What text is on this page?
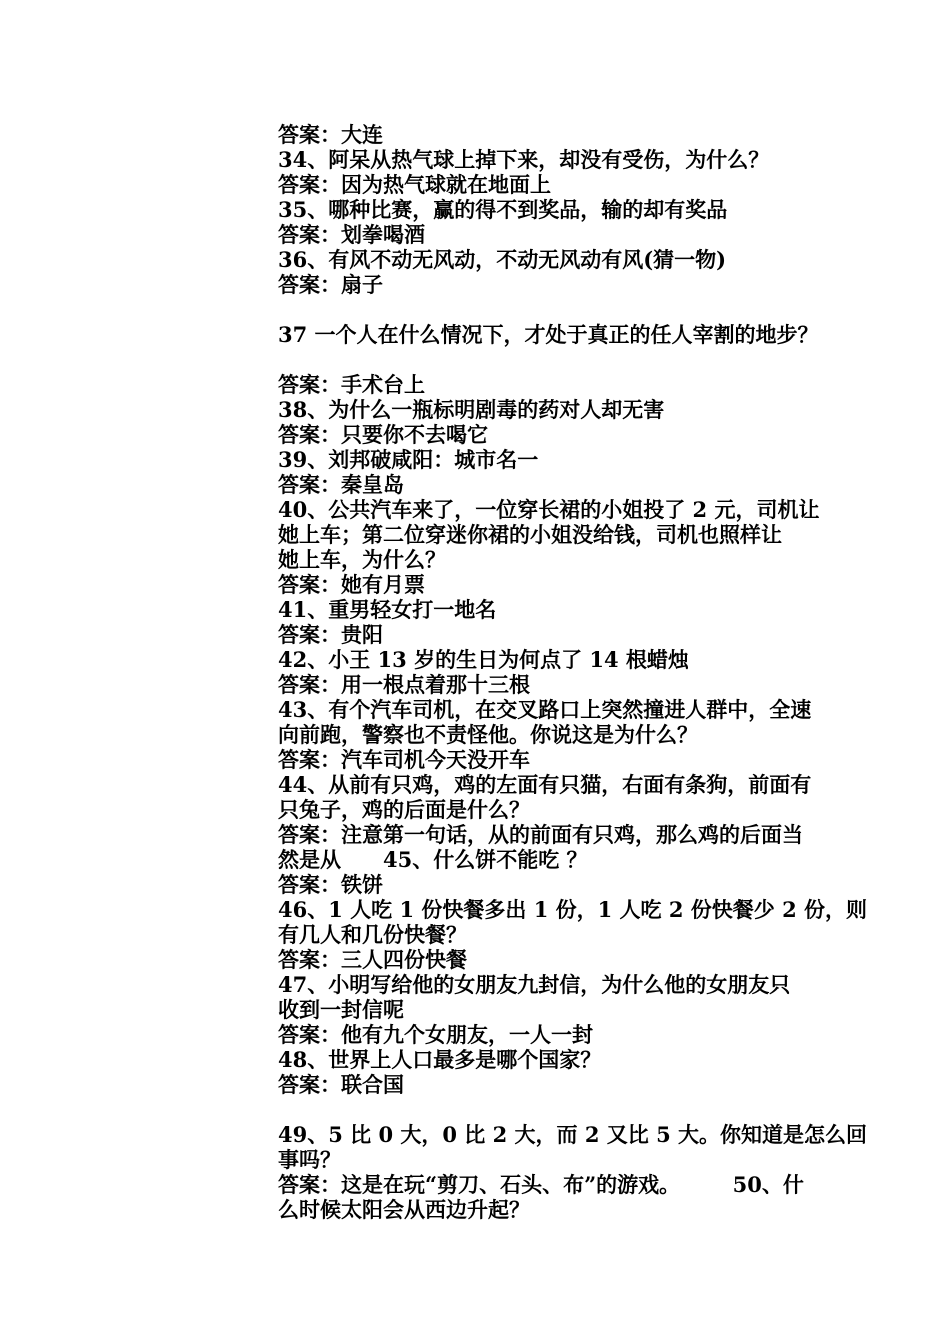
答案：大连
34、阿呆从热气球上掉下来，却没有受伤，为什么？
答案：因为热气球就在地面上
35、哪种比赛，赢的得不到奖品，输的却有奖品
答案：划拳喝酒
36、有风不动无风动，不动无风动有风(猜一物)
答案：扇子
37 一个人在什么情况下，才处于真正的任人宰割的地步？
答案：手术台上
38、为什么一瓶标明剧毒的药对人却无害
答案：只要你不去喝它
39、刘邦破咸阳：城市名一
答案：秦皇岛
40、公共汽车来了，一位穿长裙的小姐投了 2 元，司机让
她上车；第二位穿迷你裙的小姐没给钱，司机也照样让
她上车，为什么？
答案：她有月票
41、重男轻女打一地名
答案：贵阳
42、小王 13 岁的生日为何点了 14 根蜡烛
答案：用一根点着那十三根
43、有个汽车司机，在交叉路口上突然撞进人群中，全速
向前跑，警察也不责怪他。你说这是为什么？
答案：汽车司机今天没开车
44、从前有只鸡，鸡的左面有只猫，右面有条狗，前面有
只兔子，鸡的后面是什么？
答案：注意第一句话，从的前面有只鸡，那么鸡的后面当
然是从　　45、什么饼不能吃 ？
答案：铁饼
46、1 人吃 1 份快餐多出 1 份，1 人吃 2 份快餐少 2 份，则
有几人和几份快餐？
答案：三人四份快餐
47、小明写给他的女朋友九封信，为什么他的女朋友只
收到一封信呢
答案：他有九个女朋友，一人一封
48、世界上人口最多是哪个国家？
答案：联合国
49、5 比 0 大，0 比 2 大，而 2 又比 5 大。你知道是怎么回
事吗？
答案：这是在玩“剪刀、石头、布”的游戏。　　　50、什
么时候太阳会从西边升起？
